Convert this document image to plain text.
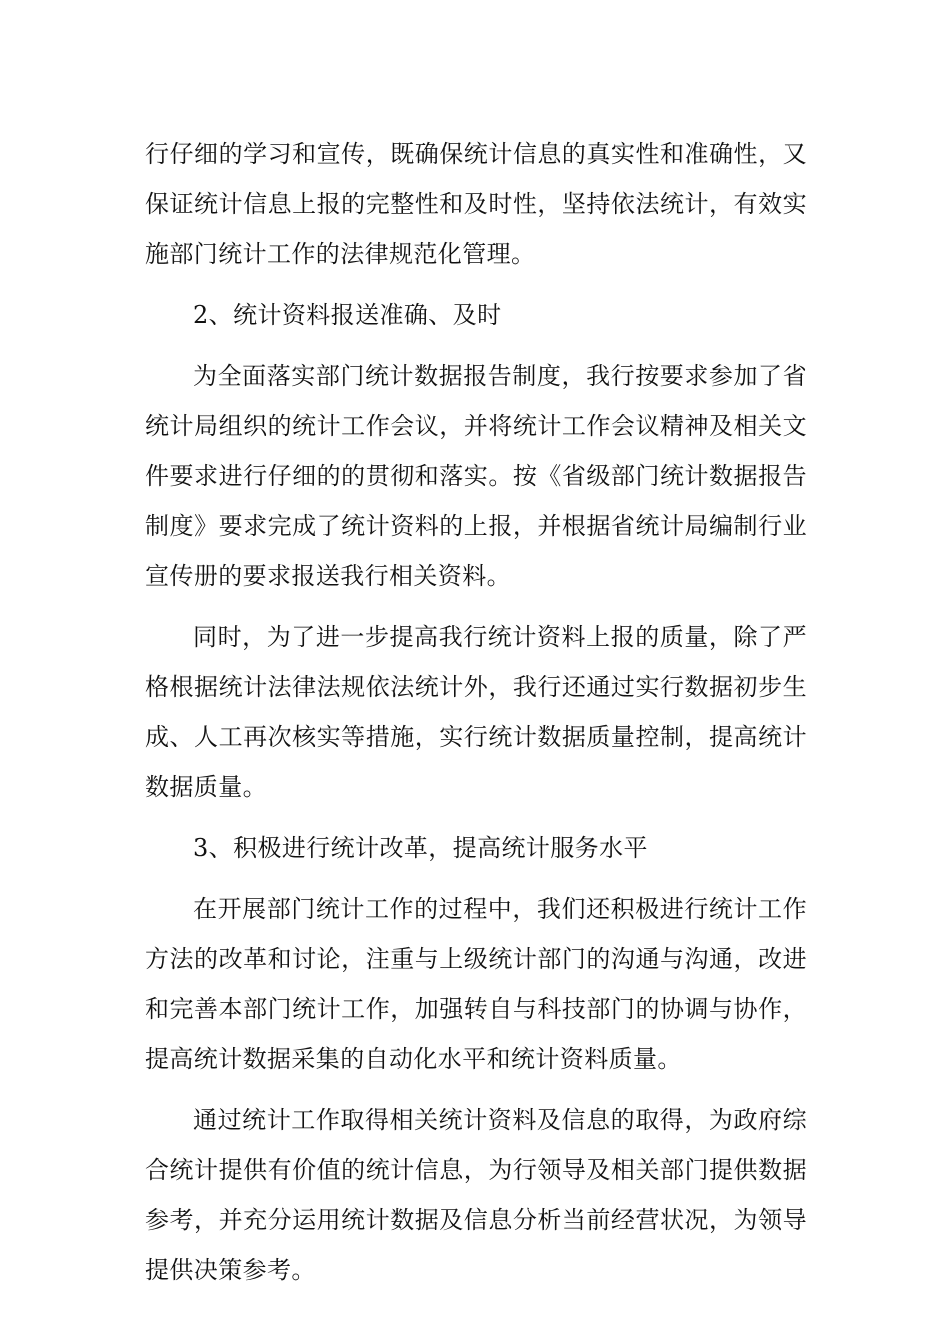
行仔细的学习和宣传，既确保统计信息的真实性和准确性，又保证统计信息上报的完整性和及时性，坚持依法统计，有效实施部门统计工作的法律规范化管理。

2、统计资料报送准确、及时

为全面落实部门统计数据报告制度，我行按要求参加了省统计局组织的统计工作会议，并将统计工作会议精神及相关文件要求进行仔细的的贯彻和落实。按《省级部门统计数据报告制度》要求完成了统计资料的上报，并根据省统计局编制行业宣传册的要求报送我行相关资料。

同时，为了进一步提高我行统计资料上报的质量，除了严格根据统计法律法规依法统计外，我行还通过实行数据初步生成、人工再次核实等措施，实行统计数据质量控制，提高统计数据质量。

3、积极进行统计改革，提高统计服务水平

在开展部门统计工作的过程中，我们还积极进行统计工作方法的改革和讨论，注重与上级统计部门的沟通与沟通，改进和完善本部门统计工作，加强转自与科技部门的协调与协作，提高统计数据采集的自动化水平和统计资料质量。

通过统计工作取得相关统计资料及信息的取得，为政府综合统计提供有价值的统计信息，为行领导及相关部门提供数据参考，并充分运用统计数据及信息分析当前经营状况，为领导提供决策参考。
